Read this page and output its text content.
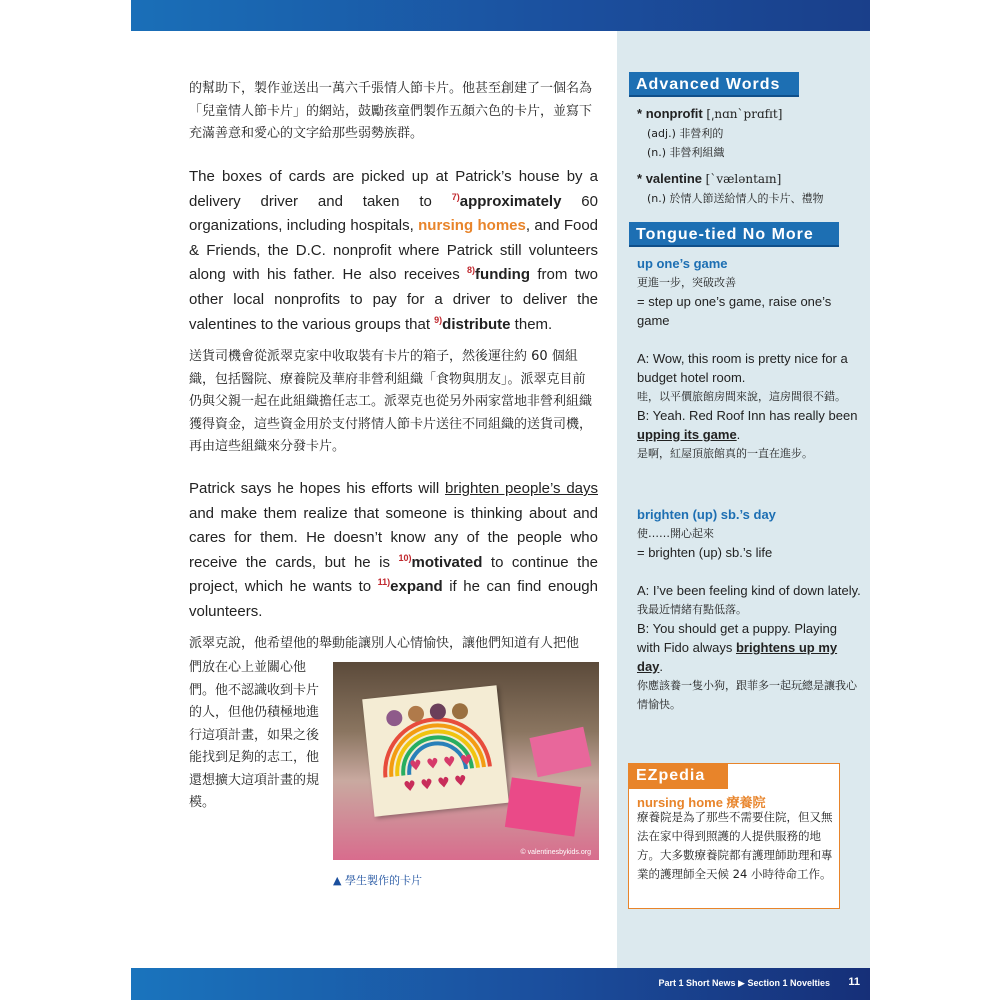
的幫助下，製作並送出一萬六千張情人節卡片。他甚至創建了一個名為「兒童情人節卡片」的網站，鼓勵孩童們製作五顏六色的卡片，並寫下充滿善意和愛心的文字給那些弱勢族群。

The boxes of cards are picked up at Patrick’s house by a delivery driver and taken to $^{7)}$approximately 60 organizations, including hospitals, nursing homes, and Food & Friends, the D.C. nonprofit where Patrick still volunteers along with his father. He also receives $^{8)}$funding from two other local nonprofits to pay for a driver to deliver the valentines to the various groups that $^{9)}$distribute them.

送貨司機會從派翠克家中收取裝有卡片的箱子，然後運往約 60 個組織，包括醫院、療養院及華府非營利組織「食物與朋友」。派翠克目前仍與父親一起在此組織擔任志工。派翠克也從另外兩家當地非營利組織獲得資金，這些資金用於支付將情人節卡片送往不同組織的送貨司機，再由這些組織來分發卡片。

Patrick says he hopes his efforts will brighten people’s days and make them realize that someone is thinking about and cares for them. He doesn’t know any of the people who receive the cards, but he is $^{10)}$motivated to continue the project, which he wants to $^{11)}$expand if he can find enough volunteers.

派翠克說，他希望他的舉動能讓別人心情愉快，讓他們知道有人把他

們放在心上並關心他們。他不認識收到卡片的人，但他仍積極地進行這項計畫，如果之後能找到足夠的志工，他還想擴大這項計畫的規模。

♥ ♥ ♥ ♥
♥ ♥ ♥ ♥
© valentinesbykids.org
▲ 學生製作的卡片
Advanced Words
* nonprofit [͵nɑnˋprɑfɪt]
(adj.) 非營利的
(n.) 非營利組織
* valentine [ˋvæləntaɪn]
(n.) 於情人節送給情人的卡片、禮物
Tongue-tied No More
up one’s game
更進一步，突破改善
= step up one’s game, raise one’s game
A: Wow, this room is pretty nice for a budget hotel room.
哇，以平價旅館房間來說，這房間很不錯。
B: Yeah. Red Roof Inn has really been upping its game.
是啊，紅屋頂旅館真的一直在進步。
brighten (up) sb.’s day
使……開心起來
= brighten (up) sb.’s life
A: I’ve been feeling kind of down lately.
我最近情緒有點低落。
B: You should get a puppy. Playing with Fido always brightens up my day.
你應該養一隻小狗，跟菲多一起玩總是讓我心情愉快。
EZpedia
nursing home 療養院
療養院是為了那些不需要住院，但又無法在家中得到照護的人提供服務的地方。大多數療養院都有護理師助理和專業的護理師全天候 24 小時待命工作。
Part 1 Short News ▶ Section 1 Novelties 11
